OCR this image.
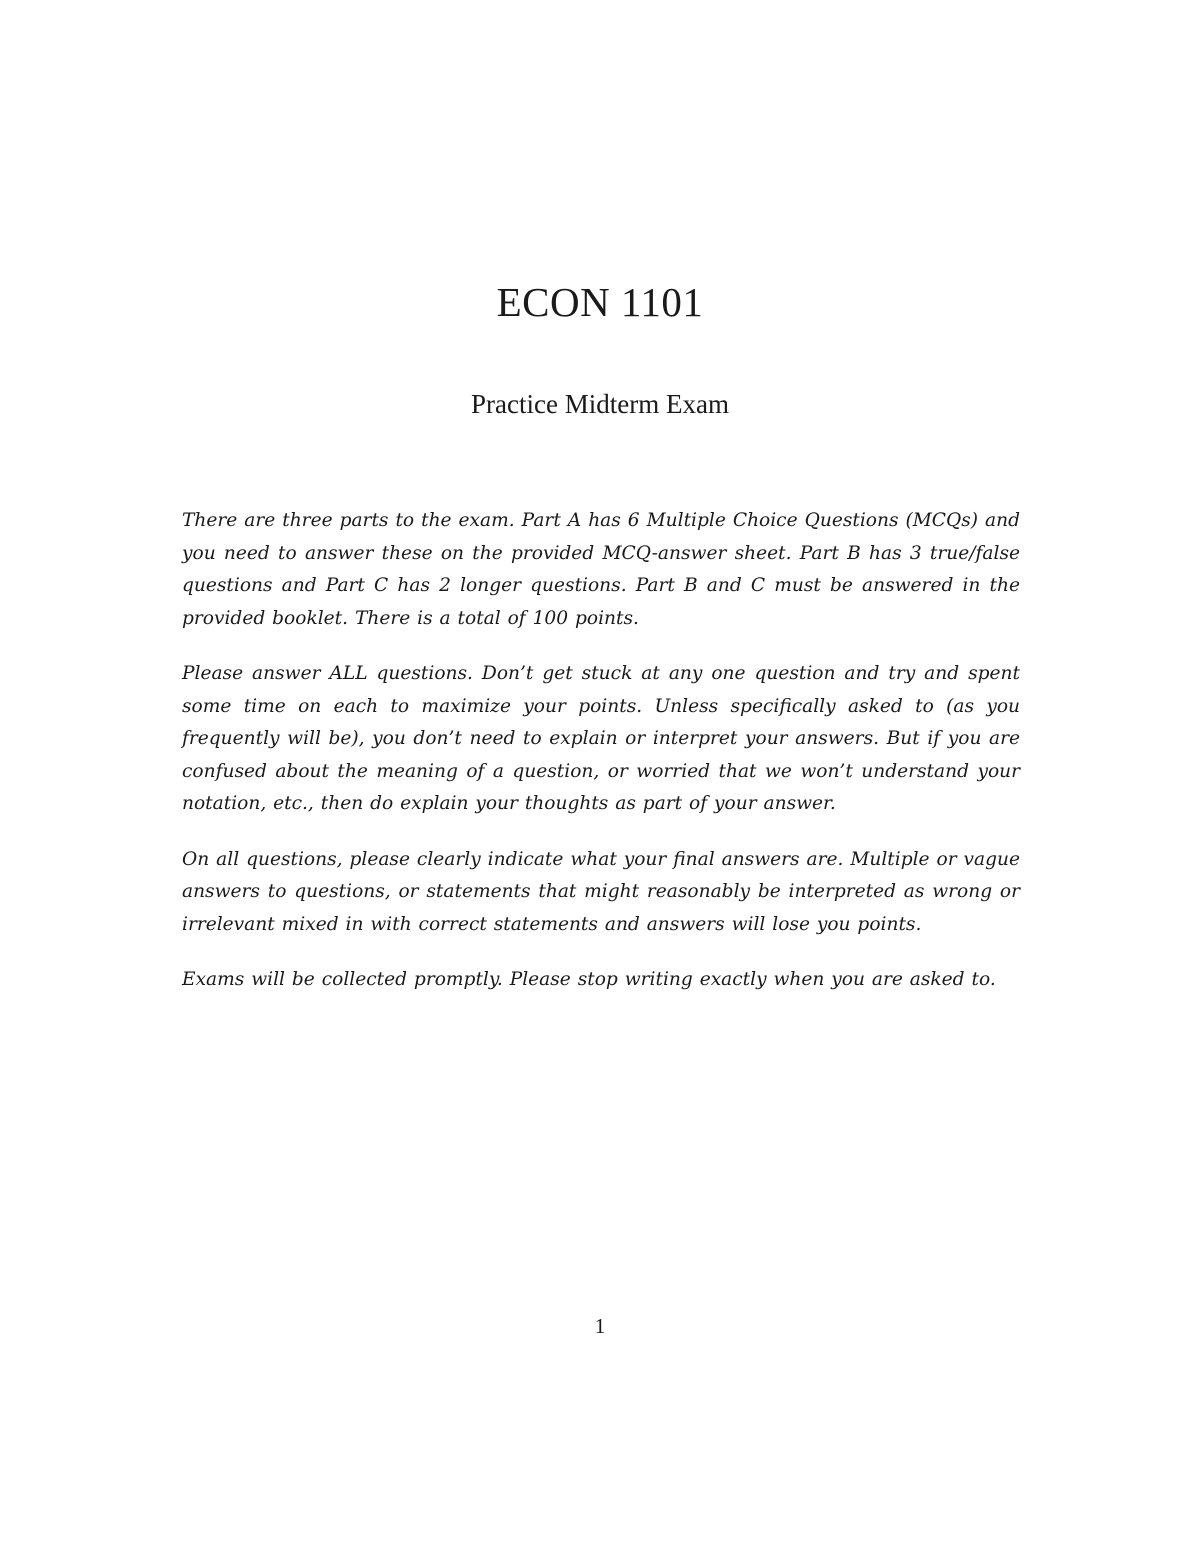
ECON 1101
Practice Midterm Exam

There are three parts to the exam. Part A has 6 Multiple Choice Questions (MCQs) and you need to answer these on the provided MCQ-answer sheet. Part B has 3 true/false questions and Part C has 2 longer questions. Part B and C must be answered in the provided booklet. There is a total of 100 points.

Please answer ALL questions. Don’t get stuck at any one question and try and spent some time on each to maximize your points. Unless specifically asked to (as you frequently will be), you don’t need to explain or interpret your answers. But if you are confused about the meaning of a question, or worried that we won’t understand your notation, etc., then do explain your thoughts as part of your answer.

On all questions, please clearly indicate what your final answers are. Multiple or vague answers to questions, or statements that might reasonably be interpreted as wrong or irrelevant mixed in with correct statements and answers will lose you points.

Exams will be collected promptly. Please stop writing exactly when you are asked to.

1
